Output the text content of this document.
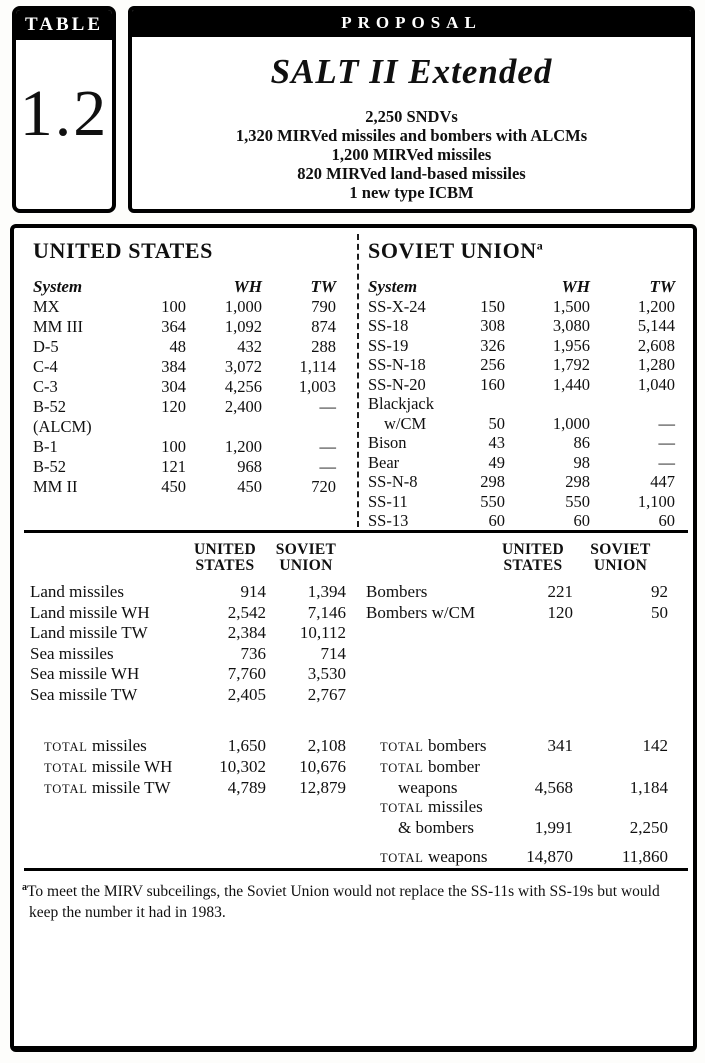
TABLE
1.2
PROPOSAL
SALT II Extended
2,250 SNDVs
1,320 MIRVed missiles and bombers with ALCMs
1,200 MIRVed missiles
820 MIRVed land-based missiles
1 new type ICBM
UNITED STATES
System		WH	TW
MX	100	1,000	790
MM III	364	1,092	874
D-5	48	432	288
C-4	384	3,072	1,114
C-3	304	4,256	1,003
B-52 (ALCM)	120	2,400	—
B-1	100	1,200	—
B-52	121	968	—
MM II	450	450	720
SOVIET UNION$^a$
System		WH	TW
SS-X-24	150	1,500	1,200
SS-18	308	3,080	5,144
SS-19	326	1,956	2,608
SS-N-18	256	1,792	1,280
SS-N-20	160	1,440	1,040
Blackjack			
w/CM	50	1,000	—
Bison	43	86	—
Bear	49	98	—
SS-N-8	298	298	447
SS-11	550	550	1,100
SS-13	60	60	60

	UNITED STATES	SOVIET UNION

Land missiles	914	1,394
Land missile WH	2,542	7,146
Land missile TW	2,384	10,112
Sea missiles	736	714
Sea missile WH	7,760	3,530
Sea missile TW	2,405	2,767

	UNITED STATES	SOVIET UNION

Bombers	221	92
Bombers w/CM	120	50
TOTAL missiles	1,650	2,108
TOTAL missile WH	10,302	10,676
TOTAL missile TW	4,789	12,879
TOTAL bombers	341	142
TOTAL bomber		
weapons	4,568	1,184
TOTAL missiles		
& bombers	1,991	2,250
TOTAL weapons	14,870	11,860
$^a$To meet the MIRV subceilings, the Soviet Union would not replace the SS-11s with SS-19s but would
keep the number it had in 1983.
